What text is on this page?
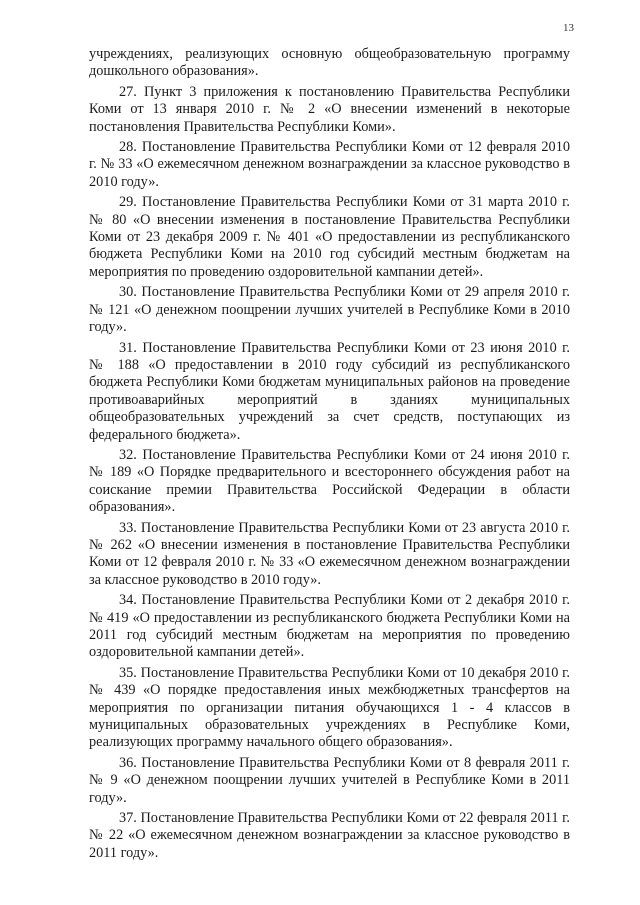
13

учреждениях, реализующих основную общеобразовательную программу дошкольного образования».

27. Пункт 3 приложения к постановлению Правительства Республики Коми от 13 января 2010 г. № 2 «О внесении изменений в некоторые постановления Правительства Республики Коми».

28. Постановление Правительства Республики Коми от 12 февраля 2010 г. № 33 «О ежемесячном денежном вознаграждении за классное руководство в 2010 году».

29. Постановление Правительства Республики Коми от 31 марта 2010 г. № 80 «О внесении изменения в постановление Правительства Республики Коми от 23 декабря 2009 г. № 401 «О предоставлении из республиканского бюджета Республики Коми на 2010 год субсидий местным бюджетам на мероприятия по проведению оздоровительной кампании детей».

30. Постановление Правительства Республики Коми от 29 апреля 2010 г. № 121 «О денежном поощрении лучших учителей в Республике Коми в 2010 году».

31. Постановление Правительства Республики Коми от 23 июня 2010 г. № 188 «О предоставлении в 2010 году субсидий из республиканского бюджета Республики Коми бюджетам муниципальных районов на проведение противоаварийных мероприятий в зданиях муниципальных общеобразовательных учреждений за счет средств, поступающих из федерального бюджета».

32. Постановление Правительства Республики Коми от 24 июня 2010 г. № 189 «О Порядке предварительного и всестороннего обсуждения работ на соискание премии Правительства Российской Федерации в области образования».

33. Постановление Правительства Республики Коми от 23 августа 2010 г. № 262 «О внесении изменения в постановление Правительства Республики Коми от 12 февраля 2010 г. № 33 «О ежемесячном денежном вознаграждении за классное руководство в 2010 году».

34. Постановление Правительства Республики Коми от 2 декабря 2010 г. № 419 «О предоставлении из республиканского бюджета Республики Коми на 2011 год субсидий местным бюджетам на мероприятия по проведению оздоровительной кампании детей».

35. Постановление Правительства Республики Коми от 10 декабря 2010 г. № 439 «О порядке предоставления иных межбюджетных трансфертов на мероприятия по организации питания обучающихся 1 - 4 классов в муниципальных образовательных учреждениях в Республике Коми, реализующих программу начального общего образования».

36. Постановление Правительства Республики Коми от 8 февраля 2011 г. № 9 «О денежном поощрении лучших учителей в Республике Коми в 2011 году».

37. Постановление Правительства Республики Коми от 22 февраля 2011 г. № 22 «О ежемесячном денежном вознаграждении за классное руководство в 2011 году».
